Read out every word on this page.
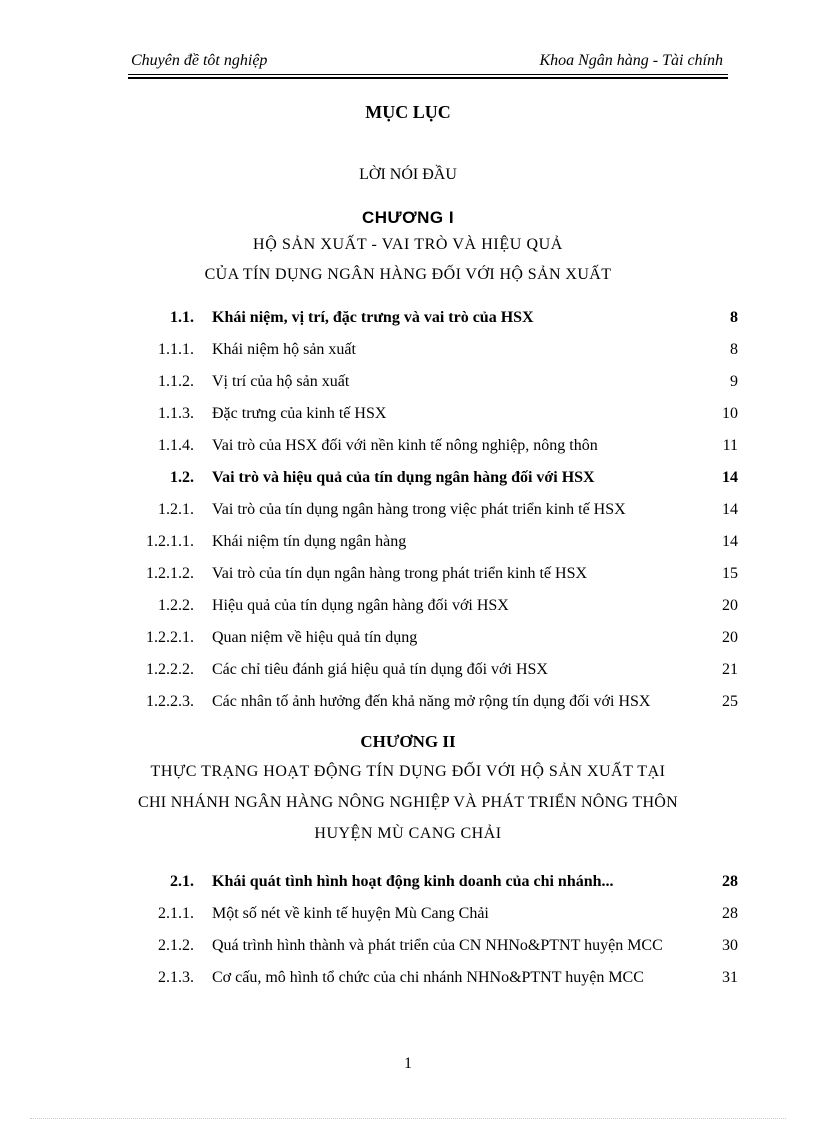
Chuyên đề tôt nghiệp	Khoa Ngân hàng - Tài chính
MỤC LỤC
LỜI NÓI ĐẦU
CHƯƠNG I
HỘ SẢN XUẤT - VAI TRÒ VÀ HIỆU QUẢ
CỦA TÍN DỤNG NGÂN HÀNG ĐỐI VỚI HỘ SẢN XUẤT
1.1. Khái niệm, vị trí, đặc trưng và vai trò của HSX	8
1.1.1. Khái niệm hộ sản xuất	8
1.1.2. Vị trí của hộ sản xuất	9
1.1.3. Đặc trưng của kinh tế HSX	10
1.1.4. Vai trò của HSX đối với nền kinh tế nông nghiệp, nông thôn	11
1.2. Vai trò và hiệu quả của tín dụng ngân hàng đối với HSX	14
1.2.1. Vai trò của tín dụng ngân hàng trong việc phát triển kinh tế HSX	14
1.2.1.1. Khái niệm tín dụng ngân hàng	14
1.2.1.2. Vai trò của tín dụn ngân hàng trong phát triển kinh tế HSX	15
1.2.2. Hiệu quả của tín dụng ngân hàng đối với HSX	20
1.2.2.1. Quan niệm về hiệu quả tín dụng	20
1.2.2.2. Các chỉ tiêu đánh giá hiệu quả tín dụng đối với HSX	21
1.2.2.3. Các nhân tố ảnh hưởng đến khả năng mở rộng tín dụng đối với HSX	25
CHƯƠNG II
THỰC TRẠNG HOẠT ĐỘNG TÍN DỤNG ĐỐI VỚI HỘ SẢN XUẤT TẠI
CHI NHÁNH NGÂN HÀNG NÔNG NGHIỆP VÀ PHÁT TRIỂN NÔNG THÔN
HUYỆN MÙ CANG CHẢI
2.1. Khái quát tình hình hoạt động kinh doanh của chi nhánh...	28
2.1.1. Một số nét về kinh tế huyện Mù Cang Chải	28
2.1.2. Quá trình hình thành và phát triển của CN NHNo&PTNT huyện MCC	30
2.1.3. Cơ cấu, mô hình tổ chức của chi nhánh NHNo&PTNT huyện MCC	31
1
